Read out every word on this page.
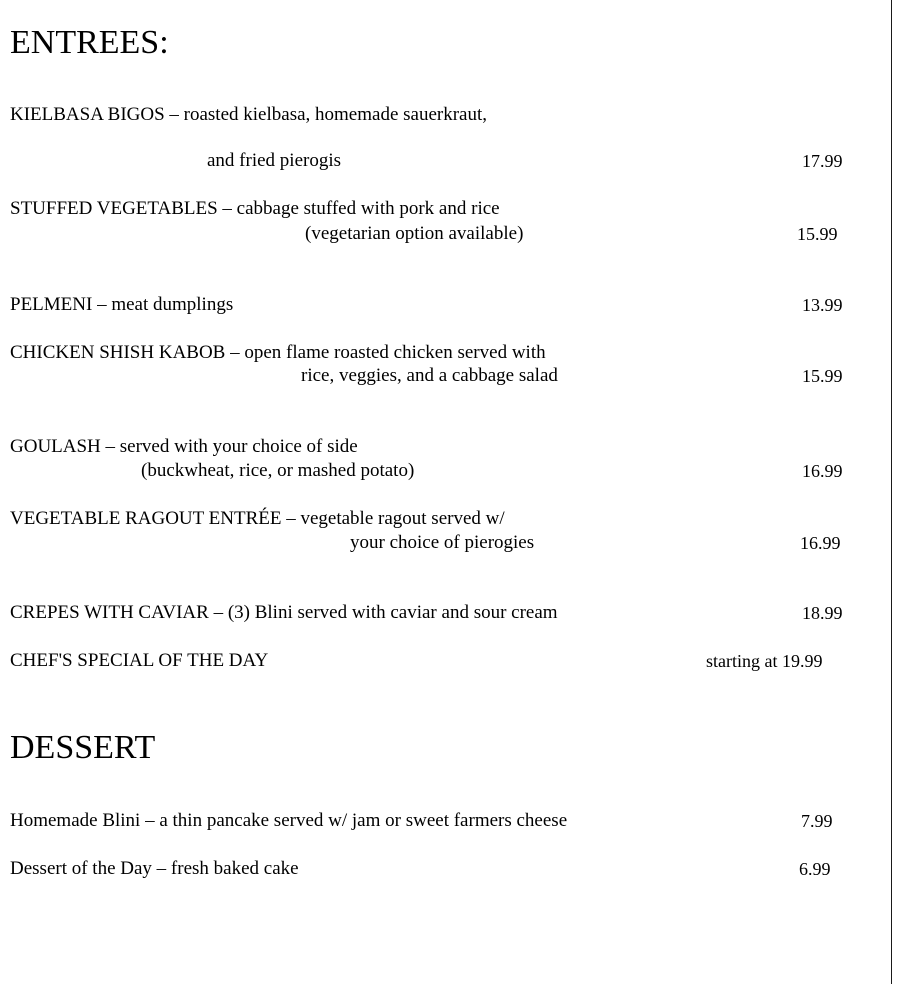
ENTREES:
KIELBASA BIGOS – roasted kielbasa, homemade sauerkraut,
and fried pierogis	17.99
STUFFED VEGETABLES – cabbage stuffed with pork and rice
(vegetarian option available)	15.99
PELMENI – meat dumplings	13.99
CHICKEN SHISH KABOB – open flame roasted chicken served with
rice, veggies, and a cabbage salad	15.99
GOULASH – served with your choice of side
(buckwheat, rice, or mashed potato)	16.99
VEGETABLE RAGOUT ENTRÉE – vegetable ragout served w/
your choice of pierogies	16.99
CREPES WITH CAVIAR – (3) Blini served with caviar and sour cream	18.99
CHEF'S SPECIAL OF THE DAY	starting at 19.99
DESSERT
Homemade Blini – a thin pancake served w/ jam or sweet farmers cheese	7.99
Dessert of the Day – fresh baked cake	6.99
